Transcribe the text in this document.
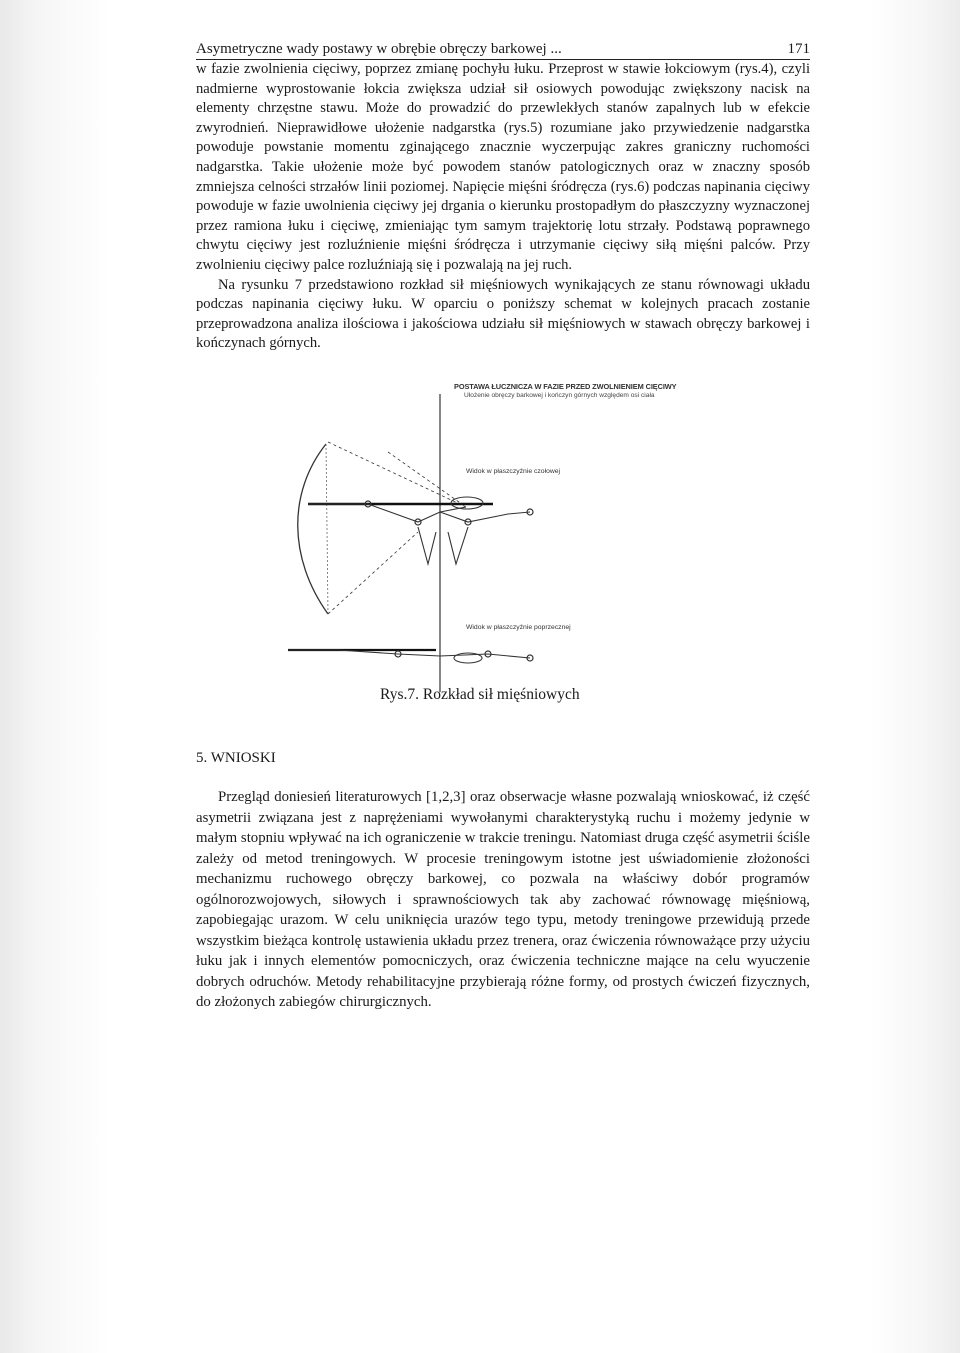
Asymetryczne wady postawy w obrębie obręczy barkowej ...	171

w fazie zwolnienia cięciwy, poprzez zmianę pochyłu łuku. Przeprost w stawie łokciowym (rys.4), czyli nadmierne wyprostowanie łokcia zwiększa udział sił osiowych powodując zwiększony nacisk na elementy chrzęstne stawu. Może do prowadzić do przewlekłych stanów zapalnych lub w efekcie zwyrodnień. Nieprawidłowe ułożenie nadgarstka (rys.5) rozumiane jako przywiedzenie nadgarstka powoduje powstanie momentu zginającego znacznie wyczerpując zakres graniczny ruchomości nadgarstka. Takie ułożenie może być powodem stanów patologicznych oraz w znaczny sposób zmniejsza celności strzałów linii poziomej. Napięcie mięśni śródręcza (rys.6) podczas napinania cięciwy powoduje w fazie uwolnienia cięciwy jej drgania o kierunku prostopadłym do płaszczyzny wyznaczonej przez ramiona łuku i cięciwę, zmieniając tym samym trajektorię lotu strzały. Podstawą poprawnego chwytu cięciwy jest rozluźnienie mięśni śródręcza i utrzymanie cięciwy siłą mięśni palców. Przy zwolnieniu cięciwy palce rozluźniają się i pozwalają na jej ruch.

Na rysunku 7 przedstawiono rozkład sił mięśniowych wynikających ze stanu równowagi układu podczas napinania cięciwy łuku. W oparciu o poniższy schemat w kolejnych pracach zostanie przeprowadzona analiza ilościowa i jakościowa udziału sił mięśniowych w stawach obręczy barkowej i kończynach górnych.

POSTAWA ŁUCZNICZA W FAZIE PRZED ZWOLNIENIEM CIĘCIWY
Ułożenie obręczy barkowej i kończyn górnych względem osi ciała
Widok w płaszczyźnie czołowej
Widok w płaszczyźnie poprzecznej
Rys.7. Rozkład sił mięśniowych
5. WNIOSKI

Przegląd doniesień literaturowych [1,2,3] oraz obserwacje własne pozwalają wnioskować, iż część asymetrii związana jest z naprężeniami wywołanymi charakterystyką ruchu i możemy jedynie w małym stopniu wpływać na ich ograniczenie w trakcie treningu. Natomiast druga część asymetrii ściśle zależy od metod treningowych. W procesie treningowym istotne jest uświadomienie złożoności mechanizmu ruchowego obręczy barkowej, co pozwala na właściwy dobór programów ogólnorozwojowych, siłowych i sprawnościowych tak aby zachować równowagę mięśniową, zapobiegając urazom. W celu uniknięcia urazów tego typu, metody treningowe przewidują przede wszystkim bieżąca kontrolę ustawienia układu przez trenera, oraz ćwiczenia równoważące przy użyciu łuku jak i innych elementów pomocniczych, oraz ćwiczenia techniczne mające na celu wyuczenie dobrych odruchów. Metody rehabilitacyjne przybierają różne formy, od prostych ćwiczeń fizycznych, do złożonych zabiegów chirurgicznych.
